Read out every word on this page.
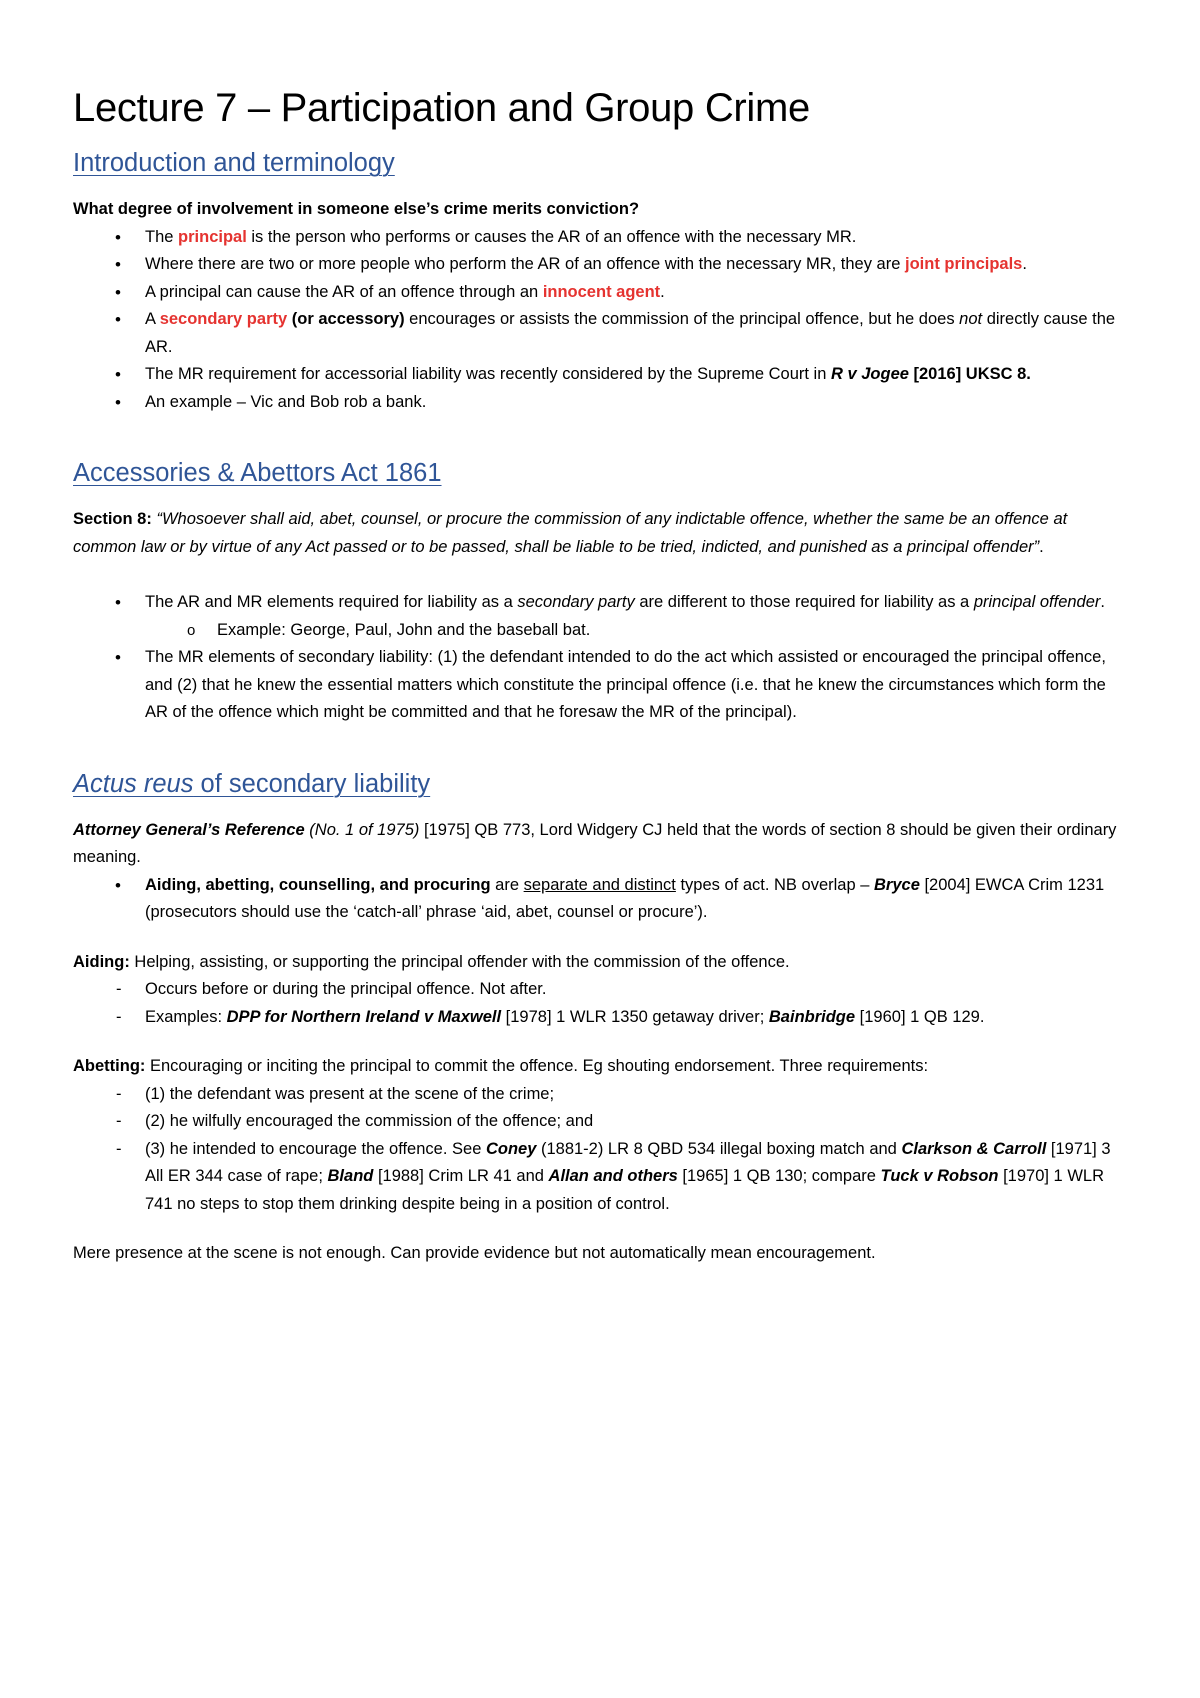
Lecture 7 – Participation and Group Crime
Introduction and terminology

What degree of involvement in someone else’s crime merits conviction?

• The principal is the person who performs or causes the AR of an offence with the necessary MR.
• Where there are two or more people who perform the AR of an offence with the necessary MR, they are joint principals.
• A principal can cause the AR of an offence through an innocent agent.
• A secondary party (or accessory) encourages or assists the commission of the principal offence, but he does not directly cause the AR.
• The MR requirement for accessorial liability was recently considered by the Supreme Court in R v Jogee [2016] UKSC 8.
• An example – Vic and Bob rob a bank.
Accessories & Abettors Act 1861

Section 8: “Whosoever shall aid, abet, counsel, or procure the commission of any indictable offence, whether the same be an offence at common law or by virtue of any Act passed or to be passed, shall be liable to be tried, indicted, and punished as a principal offender”.

• The AR and MR elements required for liability as a secondary party are different to those required for liability as a principal offender.
o Example: George, Paul, John and the baseball bat.
• The MR elements of secondary liability: (1) the defendant intended to do the act which assisted or encouraged the principal offence, and (2) that he knew the essential matters which constitute the principal offence (i.e. that he knew the circumstances which form the AR of the offence which might be committed and that he foresaw the MR of the principal).
Actus reus of secondary liability

Attorney General’s Reference (No. 1 of 1975) [1975] QB 773, Lord Widgery CJ held that the words of section 8 should be given their ordinary meaning.

• Aiding, abetting, counselling, and procuring are separate and distinct types of act. NB overlap – Bryce [2004] EWCA Crim 1231 (prosecutors should use the ‘catch-all’ phrase ‘aid, abet, counsel or procure’).

Aiding: Helping, assisting, or supporting the principal offender with the commission of the offence.

- Occurs before or during the principal offence. Not after.
- Examples: DPP for Northern Ireland v Maxwell [1978] 1 WLR 1350 getaway driver; Bainbridge [1960] 1 QB 129.

Abetting: Encouraging or inciting the principal to commit the offence. Eg shouting endorsement. Three requirements:

- (1) the defendant was present at the scene of the crime;
- (2) he wilfully encouraged the commission of the offence; and
- (3) he intended to encourage the offence. See Coney (1881-2) LR 8 QBD 534 illegal boxing match and Clarkson & Carroll [1971] 3 All ER 344 case of rape; Bland [1988] Crim LR 41 and Allan and others [1965] 1 QB 130; compare Tuck v Robson [1970] 1 WLR 741 no steps to stop them drinking despite being in a position of control.

Mere presence at the scene is not enough. Can provide evidence but not automatically mean encouragement.
